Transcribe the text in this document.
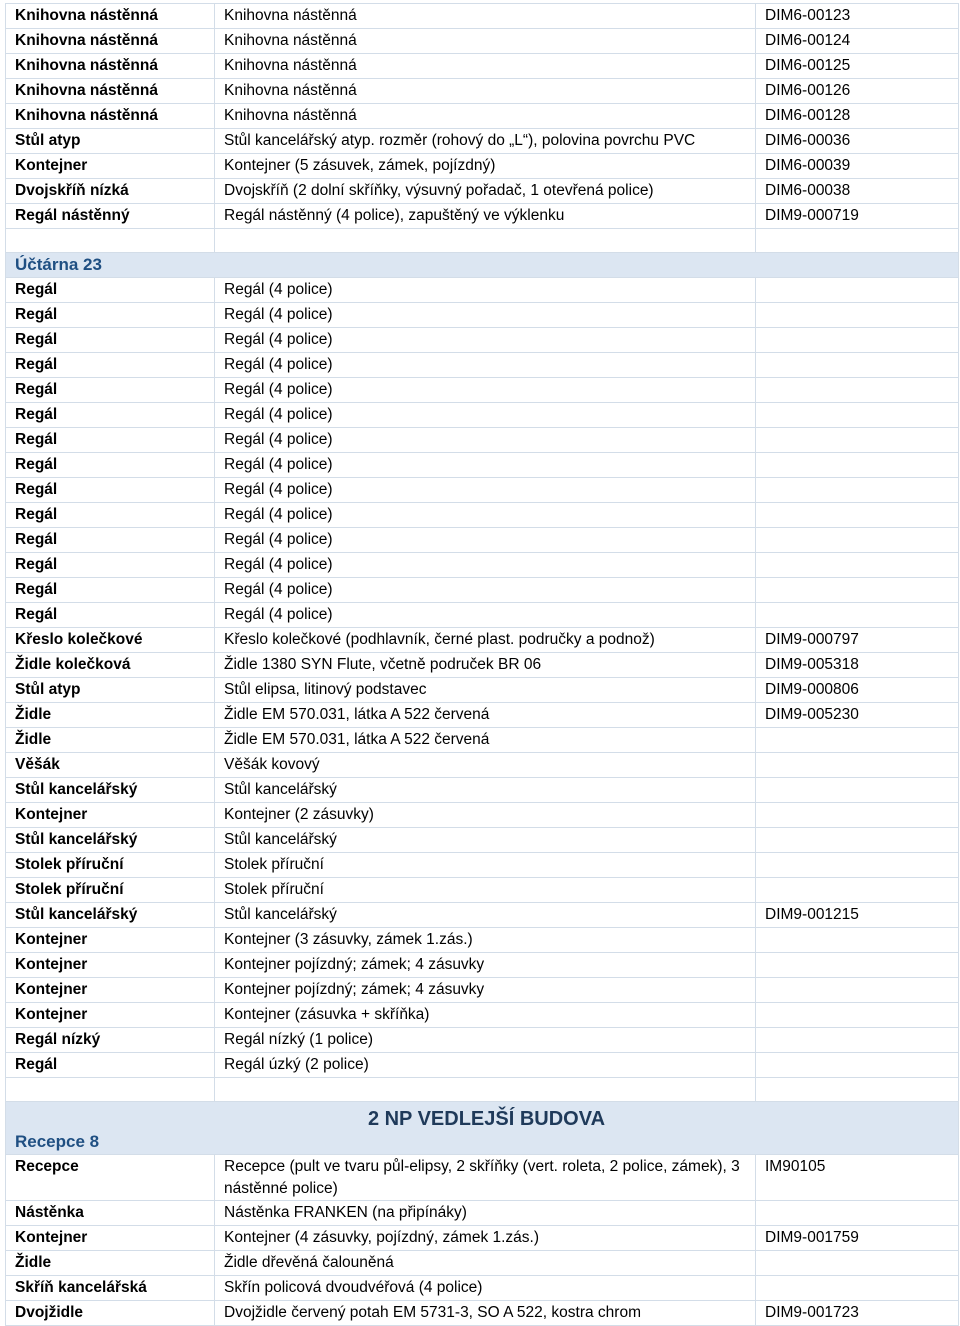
Knihovna nástěnná	Knihovna nástěnná	DIM6-00123
Knihovna nástěnná	Knihovna nástěnná	DIM6-00124
Knihovna nástěnná	Knihovna nástěnná	DIM6-00125
Knihovna nástěnná	Knihovna nástěnná	DIM6-00126
Knihovna nástěnná	Knihovna nástěnná	DIM6-00128
Stůl atyp	Stůl kancelářský atyp. rozměr (rohový do „L“), polovina povrchu PVC	DIM6-00036
Kontejner	Kontejner (5 zásuvek, zámek, pojízdný)	DIM6-00039
Dvojskříň nízká	Dvojskříň (2 dolní skříňky, výsuvný pořadač, 1 otevřená police)	DIM6-00038
Regál nástěnný	Regál nástěnný (4 police), zapuštěný ve výklenku	DIM9-000719

Účtárna 23		
Regál	Regál (4 police)	
Regál	Regál (4 police)	
Regál	Regál (4 police)	
Regál	Regál (4 police)	
Regál	Regál (4 police)	
Regál	Regál (4 police)	
Regál	Regál (4 police)	
Regál	Regál (4 police)	
Regál	Regál (4 police)	
Regál	Regál (4 police)	
Regál	Regál (4 police)	
Regál	Regál (4 police)	
Regál	Regál (4 police)	
Regál	Regál (4 police)	
Křeslo kolečkové	Křeslo kolečkové (podhlavník, černé plast. područky a podnož)	DIM9-000797
Židle kolečková	Židle 1380 SYN Flute, včetně područek BR 06	DIM9-005318
Stůl atyp	Stůl elipsa, litinový podstavec	DIM9-000806
Židle	Židle EM 570.031, látka A 522 červená	DIM9-005230
Židle	Židle EM 570.031, látka A 522 červená	
Věšák	Věšák kovový	
Stůl kancelářský	Stůl kancelářský	
Kontejner	Kontejner (2 zásuvky)	
Stůl kancelářský	Stůl kancelářský	
Stolek příruční	Stolek příruční	
Stolek příruční	Stolek příruční	
Stůl kancelářský	Stůl kancelářský	DIM9-001215
Kontejner	Kontejner (3 zásuvky, zámek 1.zás.)	
Kontejner	Kontejner pojízdný; zámek; 4 zásuvky	
Kontejner	Kontejner pojízdný; zámek; 4 zásuvky	
Kontejner	Kontejner (zásuvka + skříňka)	
Regál nízký	Regál nízký (1 police)	
Regál	Regál úzký (2 police)	

2 NP VEDLEJŠÍ BUDOVA		
Recepce 8		
Recepce	Recepce (pult ve tvaru půl-elipsy, 2 skříňky (vert. roleta, 2 police, zámek), 3 nástěnné police)	IM90105
Nástěnka	Nástěnka FRANKEN (na připínáky)	
Kontejner	Kontejner (4 zásuvky, pojízdný, zámek 1.zás.)	DIM9-001759
Židle	Židle dřevěná čalouněná	
Skříň kancelářská	Skřín policová dvoudvéřová (4 police)	
Dvojžidle	Dvojžidle červený potah EM 5731-3, SO A 522, kostra chrom	DIM9-001723
